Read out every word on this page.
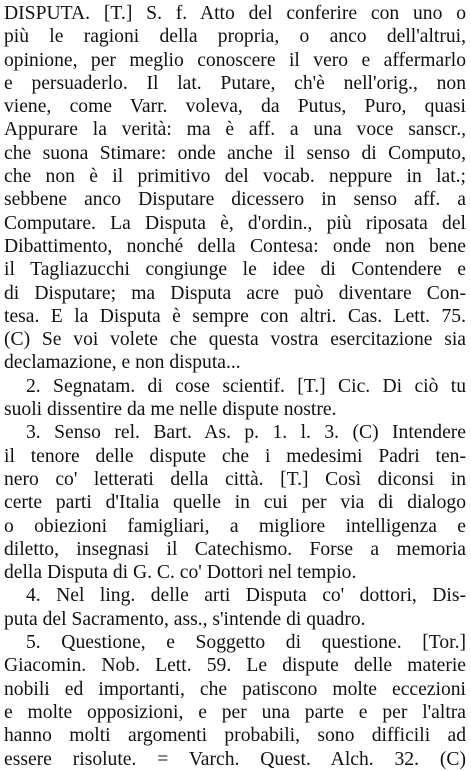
DISPUTA. [T.] S. f. Atto del conferire con uno o
più le ragioni della propria, o anco dell'altrui,
opinione, per meglio conoscere il vero e affermarlo
e persuaderlo. Il lat. Putare, ch'è nell'orig., non
viene, come Varr. voleva, da Putus, Puro, quasi
Appurare la verità: ma è aff. a una voce sanscr.,
che suona Stimare: onde anche il senso di Computo,
che non è il primitivo del vocab. neppure in lat.;
sebbene anco Disputare dicessero in senso aff. a
Computare. La Disputa è, d'ordin., più riposata del
Dibattimento, nonché della Contesa: onde non bene
il Tagliazucchi congiunge le idee di Contendere e
di Disputare; ma Disputa acre può diventare Con-
tesa. E la Disputa è sempre con altri. Cas. Lett. 75.
(C) Se voi volete che questa vostra esercitazione sia
declamazione, e non disputa...
2. Segnatam. di cose scientif. [T.] Cic. Di ciò tu
suoli dissentire da me nelle dispute nostre.
3. Senso rel. Bart. As. p. 1. l. 3. (C) Intendere
il tenore delle dispute che i medesimi Padri ten-
nero co' letterati della città. [T.] Così diconsi in
certe parti d'Italia quelle in cui per via di dialogo
o obiezioni famigliari, a migliore intelligenza e
diletto, insegnasi il Catechismo. Forse a memoria
della Disputa di G. C. co' Dottori nel tempio.
4. Nel ling. delle arti Disputa co' dottori, Dis-
puta del Sacramento, ass., s'intende di quadro.
5. Questione, e Soggetto di questione. [Tor.]
Giacomin. Nob. Lett. 59. Le dispute delle materie
nobili ed importanti, che patiscono molte eccezioni
e molte opposizioni, e per una parte e per l'altra
hanno molti argomenti probabili, sono difficili ad
essere risolute. = Varch. Quest. Alch. 32. (C)
